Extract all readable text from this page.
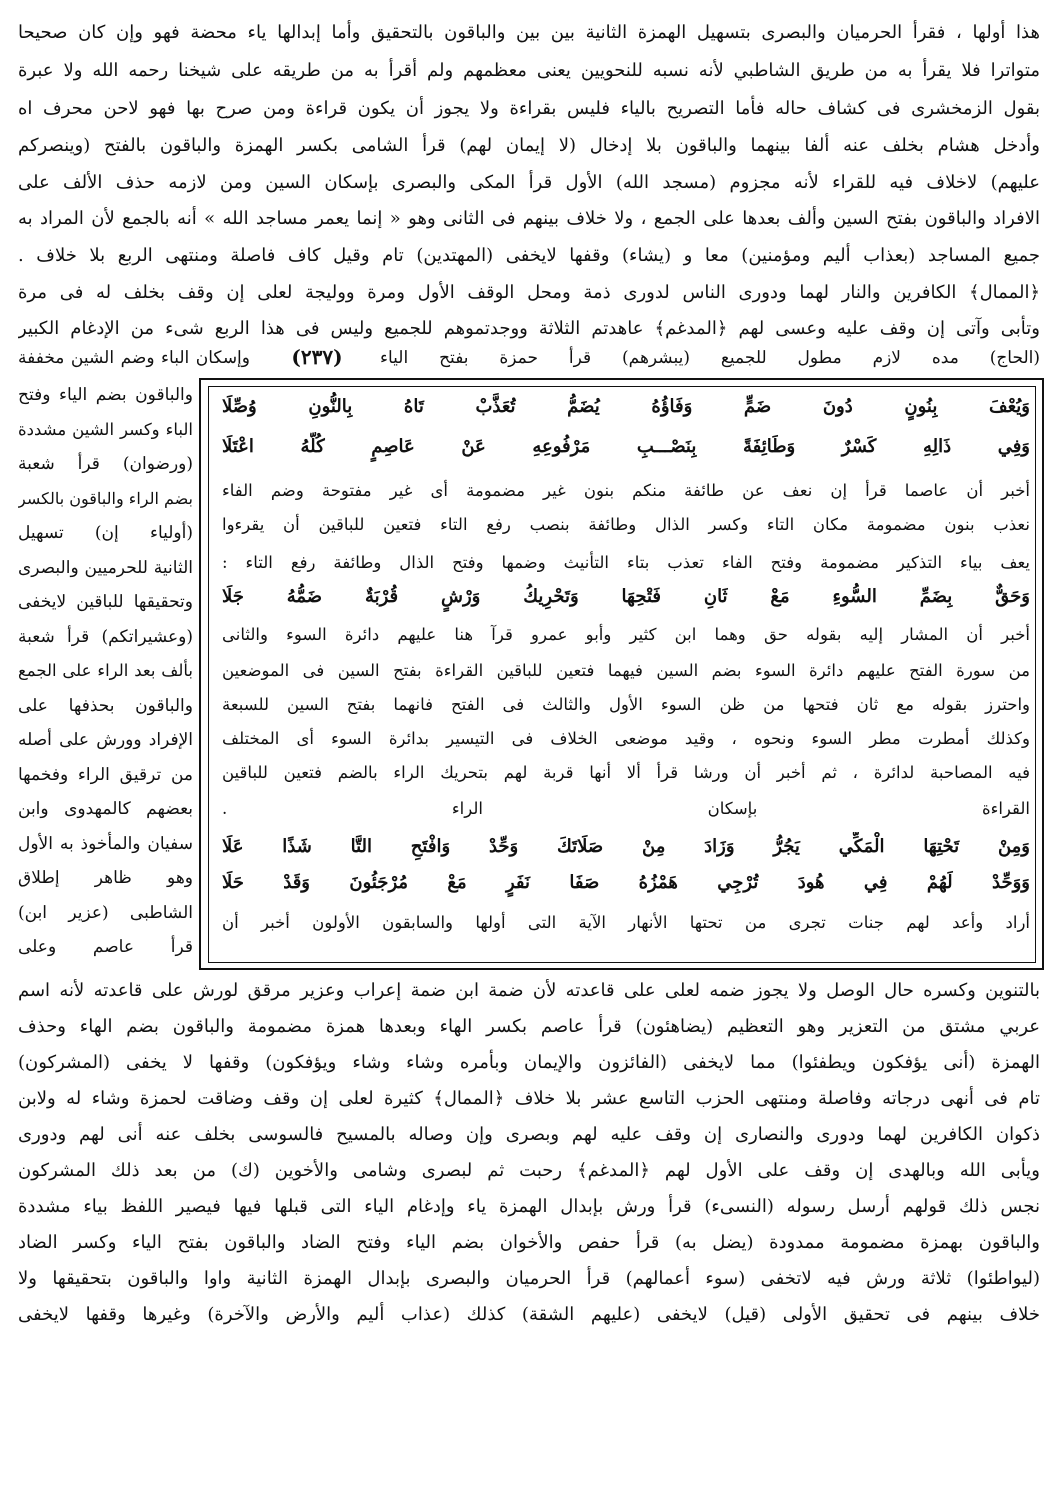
هذا أولها ، فقرأ الحرميان والبصرى بتسهيل الهمزة الثانية بين بين والباقون بالتحقيق وأما إبدالها ياء محضة فهو وإن كان صحيحا
متواترا فلا يقرأ به من طريق الشاطبي لأنه نسبه للنحويين يعنى معظمهم ولم أقرأ به من طريقه على شيخنا رحمه الله ولا عبرة
بقول الزمخشرى فى كشاف حاله فأما التصريح بالياء فليس بقراءة ولا يجوز أن يكون قراءة ومن صرح بها فهو لاحن محرف اه
وأدخل هشام بخلف عنه ألفا بينهما والباقون بلا إدخال (لا إيمان لهم) قرأ الشامى بكسر الهمزة والباقون بالفتح (وينصركم
عليهم) لاخلاف فيه للقراء لأنه مجزوم (مسجد الله) الأول قرأ المكى والبصرى بإسكان السين ومن لازمه حذف الألف على
الافراد والباقون بفتح السين وألف بعدها على الجمع ، ولا خلاف بينهم فى الثانى وهو « إنما يعمر مساجد الله » أنه بالجمع لأن المراد به
جميع المساجد (بعذاب أليم ومؤمنين) معا و (يشاء) وقفها لايخفى (المهتدين) تام وقيل كاف فاصلة ومنتهى الربع بلا خلاف .
﴿الممال﴾ الكافرين والنار لهما ودورى الناس لدورى ذمة ومحل الوقف الأول ومرة ووليجة لعلى إن وقف بخلف له فى مرة
وتأبى وآتى إن وقف عليه وعسى لهم ﴿المدغم﴾ عاهدتم الثلاثة ووجدتموهم للجميع وليس فى هذا الربع شىء من الإدغام الكبير
(الحاج) مده لازم مطول للجميع (يبشرهم) قرأ حمزة بفتح الياء
وإسكان الباء وضم الشين مخففة
والباقون بضم الياء وفتح
الباء وكسر الشين مشددة
(ورضوان) قرأ شعبة
بضم الراء والباقون بالكسر
(أولياء إن) تسهيل
الثانية للحرميين والبصرى
وتحقيقها للباقين لايخفى
(وعشيراتكم) قرأ شعبة
بألف بعد الراء على الجمع
والباقون بحذفها على
الإفراد وورش على أصله
من ترقيق الراء وفخمها
بعضهم كالمهدوى وابن
سفيان والمأخوذ به الأول
وهو ظاهر إطلاق
الشاطبى (عزير ابن)
قرأ عاصم وعلى
وَيُعْفَ بِنُونٍ دُونَ ضَمٍّ وَفَاؤُهُ يُضَمُّ تُعَذَّبْ تَاهُ بِالنُّونِ وُصِّلَا
وَفِي ذَالِهِ كَسْرٌ وَطَائِفَةً بِنَصْـــبِ مَرْفُوعِهِ عَنْ عَاصِمٍ كُلُّهُ اعْتَلَا
أخبر أن عاصما قرأ إن نعف عن طائفة منكم بنون غير مضمومة أى غير مفتوحة وضم الفاء
نعذب بنون مضمومة مكان التاء وكسر الذال وطائفة بنصب رفع التاء فتعين للباقين أن يقرءوا
يعف بياء التذكير مضمومة وفتح الفاء تعذب بتاء التأنيث وضمها وفتح الذال وطائفة رفع التاء :
وَحَقٌّ بِضَمِّ السُّوءِ مَعْ ثَانِ فَتْحِهَا وَتَحْرِيكُ وَرْشٍ قُرْبَةٌ ضَمُّهُ جَلَا
أخبر أن المشار إليه بقوله حق وهما ابن كثير وأبو عمرو قرآ هنا عليهم دائرة السوء والثانى
من سورة الفتح عليهم دائرة السوء بضم السين فيهما فتعين للباقين القراءة بفتح السين فى الموضعين
واحترز بقوله مع ثان فتحها من ظن السوء الأول والثالث فى الفتح فانهما بفتح السين للسبعة
وكذلك أمطرت مطر السوء ونحوه ، وقيد موضعى الخلاف فى التيسير بدائرة السوء أى المختلف
فيه المصاحبة لدائرة ، ثم أخبر أن ورشا قرأ ألا أنها قربة لهم بتحريك الراء بالضم فتعين للباقين
القراءة بإسكان الراء .
وَمِنْ تَحْتِهَا الْمَكِّي يَجُرُّ وَزَادَ مِنْ صَلَاتَكَ وَحِّدْ وَافْتَحِ التَّا شَذًا عَلَا
وَوَحِّدْ لَهُمْ فِي هُودَ تُرْجِي هَمْزُهُ صَفَا نَفَرٍ مَعْ مُرْجَئُونَ وَقَدْ حَلَا
أراد وأعد لهم جنات تجرى من تحتها الأنهار الآية التى أولها والسابقون الأولون أخبر أن
بالتنوين وكسره حال الوصل ولا يجوز ضمه لعلى على قاعدته لأن ضمة ابن ضمة إعراب وعزير مرقق لورش على قاعدته لأنه اسم
عربي مشتق من التعزير وهو التعظيم (يضاهئون) قرأ عاصم بكسر الهاء وبعدها همزة مضمومة والباقون بضم الهاء وحذف
الهمزة (أنى يؤفكون ويطفئوا) مما لايخفى (الفائزون والإيمان وبأمره وشاء وشاء ويؤفكون) وقفها لا يخفى (المشركون)
تام فى أنهى درجاته وفاصلة ومنتهى الحزب التاسع عشر بلا خلاف ﴿الممال﴾ كثيرة لعلى إن وقف وضاقت لحمزة وشاء له ولابن
ذكوان الكافرين لهما ودورى والنصارى إن وقف عليه لهم وبصرى وإن وصاله بالمسيح فالسوسى بخلف عنه أنى لهم ودورى
ويأبى الله وبالهدى إن وقف على الأول لهم ﴿المدغم﴾ رحبت ثم لبصرى وشامى والأخوين (ك) من بعد ذلك المشركون
نجس ذلك قولهم أرسل رسوله (النسىء) قرأ ورش بإبدال الهمزة ياء وإدغام الياء التى قبلها فيها فيصير اللفظ بياء مشددة
والباقون بهمزة مضمومة ممدودة (يضل به) قرأ حفص والأخوان بضم الياء وفتح الضاد والباقون بفتح الياء وكسر الضاد
(ليواطئوا) ثلاثة ورش فيه لاتخفى (سوء أعمالهم) قرأ الحرميان والبصرى بإبدال الهمزة الثانية واوا والباقون بتحقيقها ولا
خلاف بينهم فى تحقيق الأولى (قيل) لايخفى (عليهم الشقة) كذلك (عذاب أليم والأرض والآخرة) وغيرها وقفها لايخفى
(٢٣٧)
